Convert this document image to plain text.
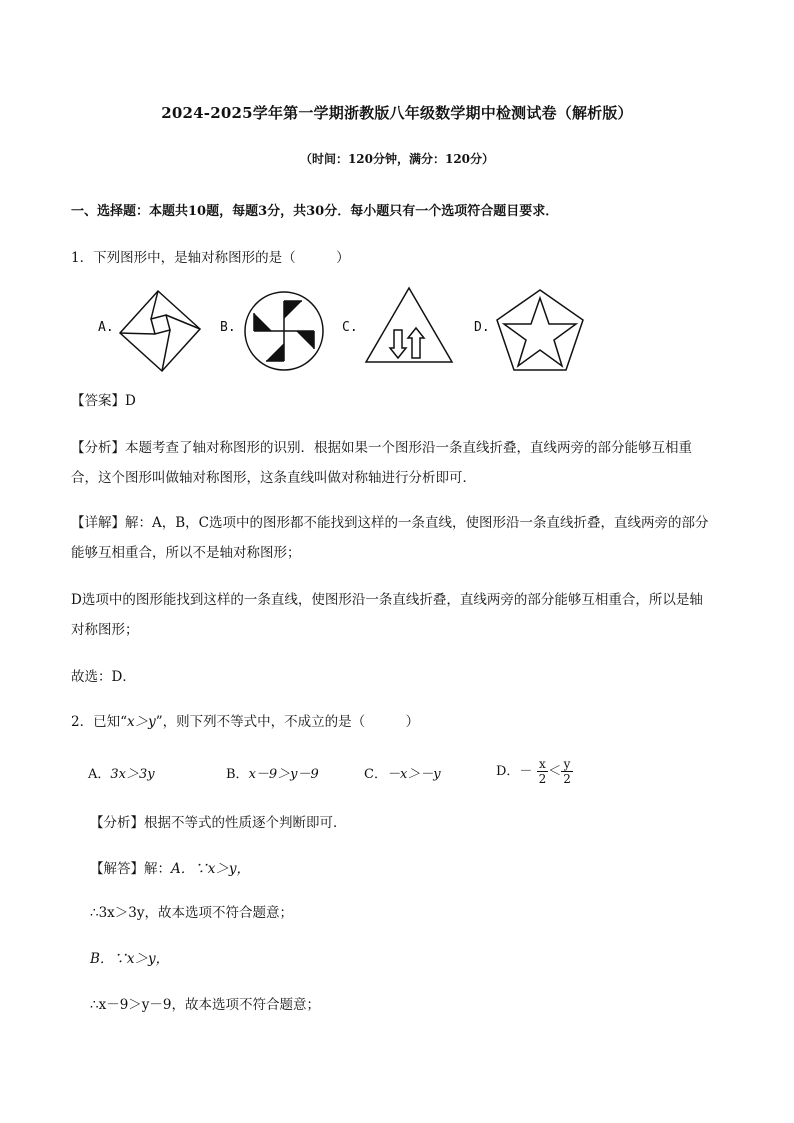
2024-2025学年第一学期浙教版八年级数学期中检测试卷（解析版）
（时间：120分钟，满分：120分）
一、选择题：本题共10题，每题3分，共30分．每小题只有一个选项符合题目要求．
1．下列图形中，是轴对称图形的是（　　　）
A.	B.	C.	D.
【答案】D
【分析】本题考查了轴对称图形的识别．根据如果一个图形沿一条直线折叠，直线两旁的部分能够互相重
合，这个图形叫做轴对称图形，这条直线叫做对称轴进行分析即可．
【详解】解：A，B，C选项中的图形都不能找到这样的一条直线，使图形沿一条直线折叠，直线两旁的部分
能够互相重合，所以不是轴对称图形；
D选项中的图形能找到这样的一条直线，使图形沿一条直线折叠，直线两旁的部分能够互相重合，所以是轴
对称图形；
故选：D．
2．已知“x＞y”，则下列不等式中，不成立的是（　　　）
A．3x＞3y	B．x－9＞y－9	C．－x＞－y	D．－ $\frac{x}{2} < \frac{y}{2}$
【分析】根据不等式的性质逐个判断即可．
【解答】解：A．∵x＞y，
∴3x＞3y，故本选项不符合题意；
B．∵x＞y，
∴x－9＞y－9，故本选项不符合题意；
